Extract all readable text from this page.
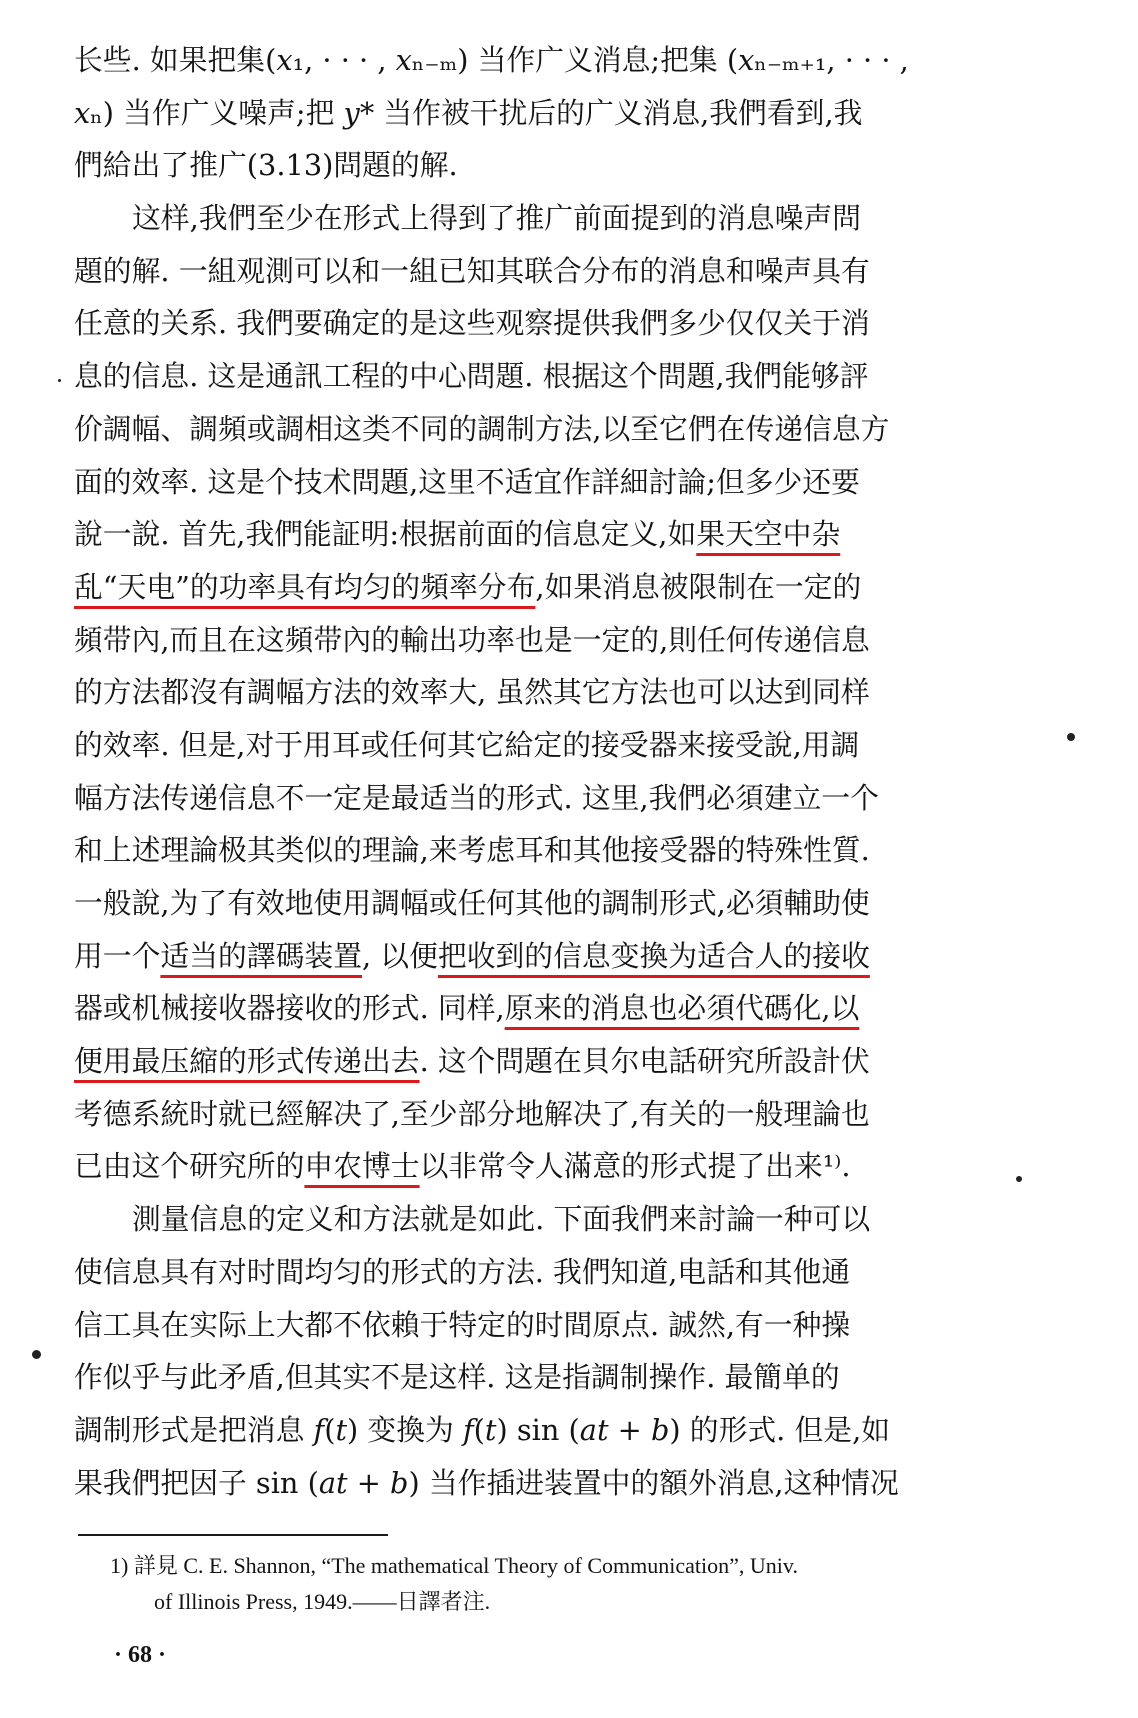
长些. 如果把集(x₁, · · · , xₙ₋ₘ) 当作广义消息;把集 (xₙ₋ₘ₊₁, · · · ,
xₙ) 当作广义噪声;把 y* 当作被干扰后的广义消息,我們看到,我
們給出了推广(3.13)問題的解.
这样,我們至少在形式上得到了推广前面提到的消息噪声問
題的解. 一組观測可以和一組已知其联合分布的消息和噪声具有
任意的关系. 我們要确定的是这些观察提供我們多少仅仅关于消
息的信息. 这是通訊工程的中心問題. 根据这个問題,我們能够評
价調幅、調頻或調相这类不同的調制方法,以至它們在传递信息方
面的效率. 这是个技术問題,这里不适宜作詳細討論;但多少还要
說一說. 首先,我們能証明:根据前面的信息定义,如果天空中杂
乱“天电”的功率具有均匀的頻率分布,如果消息被限制在一定的
頻带內,而且在这頻带內的輸出功率也是一定的,則任何传递信息
的方法都沒有調幅方法的效率大, 虽然其它方法也可以达到同样
的效率. 但是,对于用耳或任何其它給定的接受器来接受說,用調
幅方法传递信息不一定是最适当的形式. 这里,我們必須建立一个
和上述理論极其类似的理論,来考虑耳和其他接受器的特殊性質.
一般說,为了有效地使用調幅或任何其他的調制形式,必須輔助使
用一个适当的譯碼装置, 以便把收到的信息变換为适合人的接收
器或机械接收器接收的形式. 同样,原来的消息也必須代碼化,以
便用最压縮的形式传递出去. 这个問題在貝尔电話研究所設計伏
考德系統时就已經解决了,至少部分地解决了,有关的一般理論也
已由这个研究所的申农博士以非常令人滿意的形式提了出来¹⁾.
測量信息的定义和方法就是如此. 下面我們来討論一种可以
使信息具有对时間均匀的形式的方法. 我們知道,电話和其他通
信工具在实际上大都不依賴于特定的时間原点. 誠然,有一种操
作似乎与此矛盾,但其实不是这样. 这是指調制操作. 最簡单的
調制形式是把消息 f(t) 变換为 f(t) sin (at + b) 的形式. 但是,如
果我們把因子 sin (at + b) 当作插进装置中的額外消息,这种情况
1) 詳見 C. E. Shannon, “The mathematical Theory of Communication”, Univ.
of Illinois Press, 1949.——日譯者注.
· 68 ·
